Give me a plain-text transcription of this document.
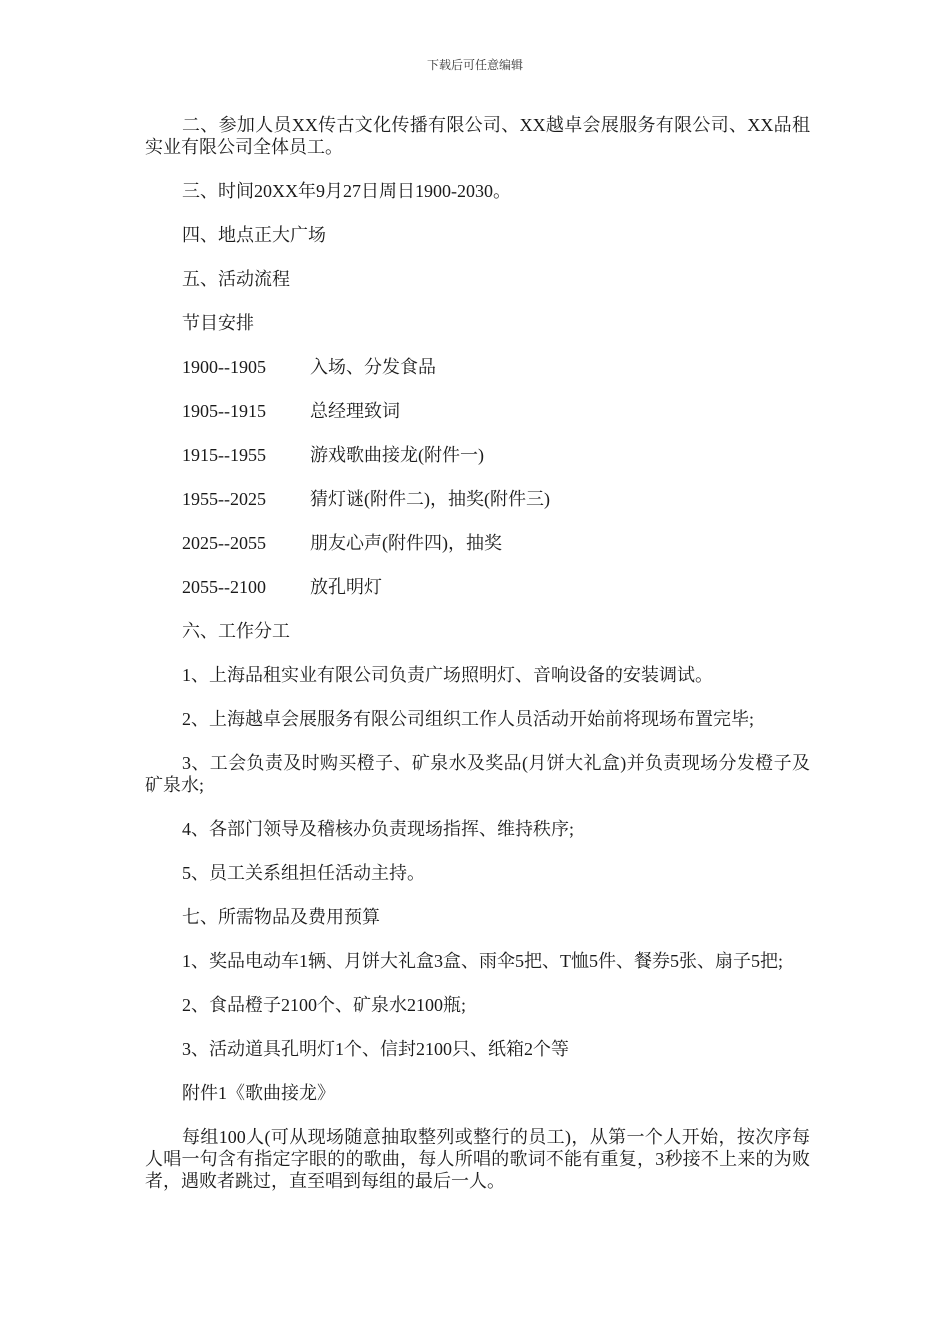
下载后可任意编辑

二、参加人员XX传古文化传播有限公司、XX越卓会展服务有限公司、XX品租实业有限公司全体员工。

三、时间20XX年9月27日周日1900-2030。

四、地点正大广场

五、活动流程

节目安排

1900--1905	入场、分发食品
1905--1915	总经理致词
1915--1955	游戏歌曲接龙(附件一)
1955--2025	猜灯谜(附件二)，抽奖(附件三)
2025--2055	朋友心声(附件四)，抽奖
2055--2100	放孔明灯

六、工作分工

1、上海品租实业有限公司负责广场照明灯、音响设备的安装调试。

2、上海越卓会展服务有限公司组织工作人员活动开始前将现场布置完毕;

3、工会负责及时购买橙子、矿泉水及奖品(月饼大礼盒)并负责现场分发橙子及矿泉水;

4、各部门领导及稽核办负责现场指挥、维持秩序;

5、员工关系组担任活动主持。

七、所需物品及费用预算

1、奖品电动车1辆、月饼大礼盒3盒、雨伞5把、T恤5件、餐券5张、扇子5把;

2、食品橙子2100个、矿泉水2100瓶;

3、活动道具孔明灯1个、信封2100只、纸箱2个等

附件1《歌曲接龙》

每组100人(可从现场随意抽取整列或整行的员工)，从第一个人开始，按次序每人唱一句含有指定字眼的的歌曲，每人所唱的歌词不能有重复，3秒接不上来的为败者，遇败者跳过，直至唱到每组的最后一人。
